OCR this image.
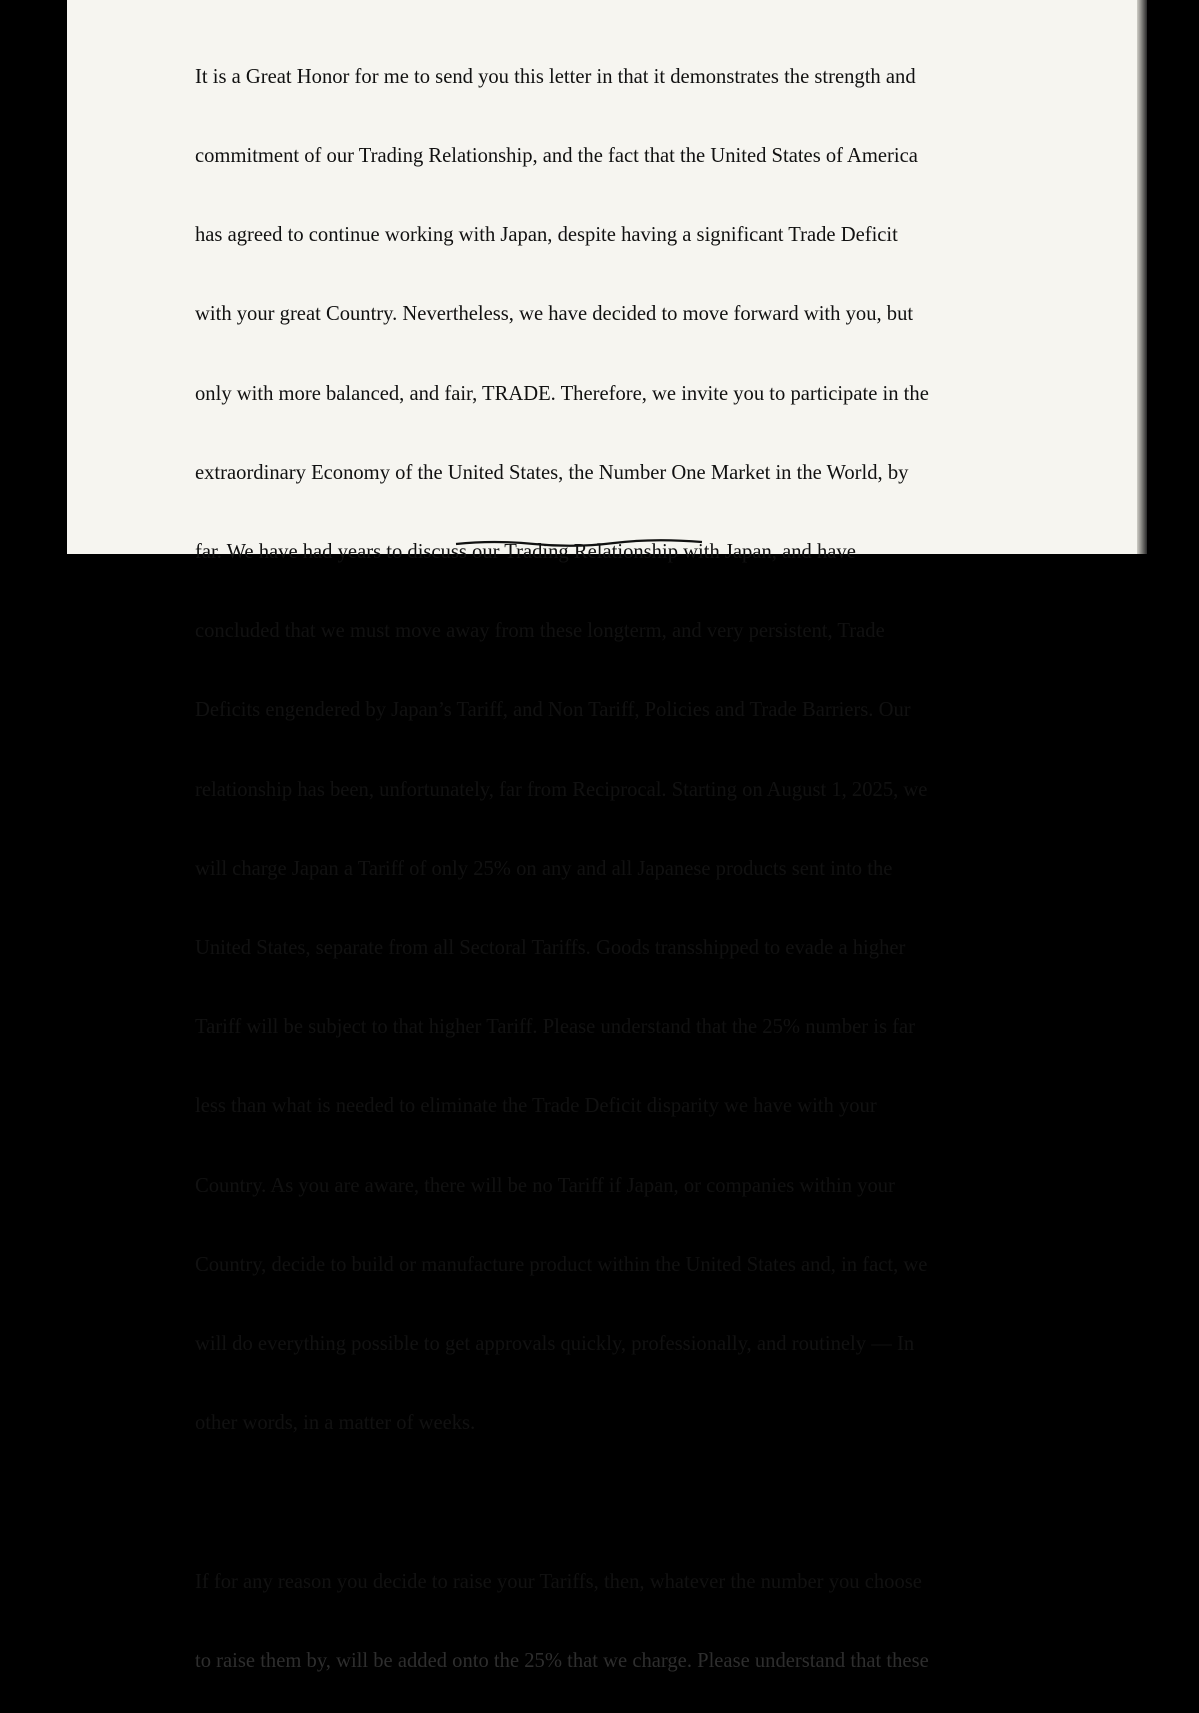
It is a Great Honor for me to send you this letter in that it demonstrates the strength and

commitment of our Trading Relationship, and the fact that the United States of America

has agreed to continue working with Japan, despite having a significant Trade Deficit

with your great Country. Nevertheless, we have decided to move forward with you, but

only with more balanced, and fair, TRADE. Therefore, we invite you to participate in the

extraordinary Economy of the United States, the Number One Market in the World, by

far. We have had years to discuss our Trading Relationship with Japan, and have

concluded that we must move away from these longterm, and very persistent, Trade

Deficits engendered by Japan’s Tariff, and Non Tariff, Policies and Trade Barriers. Our

relationship has been, unfortunately, far from Reciprocal. Starting on August 1, 2025, we

will charge Japan a Tariff of only 25% on any and all Japanese products sent into the

United States, separate from all Sectoral Tariffs. Goods transshipped to evade a higher

Tariff will be subject to that higher Tariff. Please understand that the 25% number is far

less than what is needed to eliminate the Trade Deficit disparity we have with your

Country. As you are aware, there will be no Tariff if Japan, or companies within your

Country, decide to build or manufacture product within the United States and, in fact, we

will do everything possible to get approvals quickly, professionally, and routinely — In

other words, in a matter of weeks.

If for any reason you decide to raise your Tariffs, then, whatever the number you choose

to raise them by, will be added onto the 25% that we charge. Please understand that these
